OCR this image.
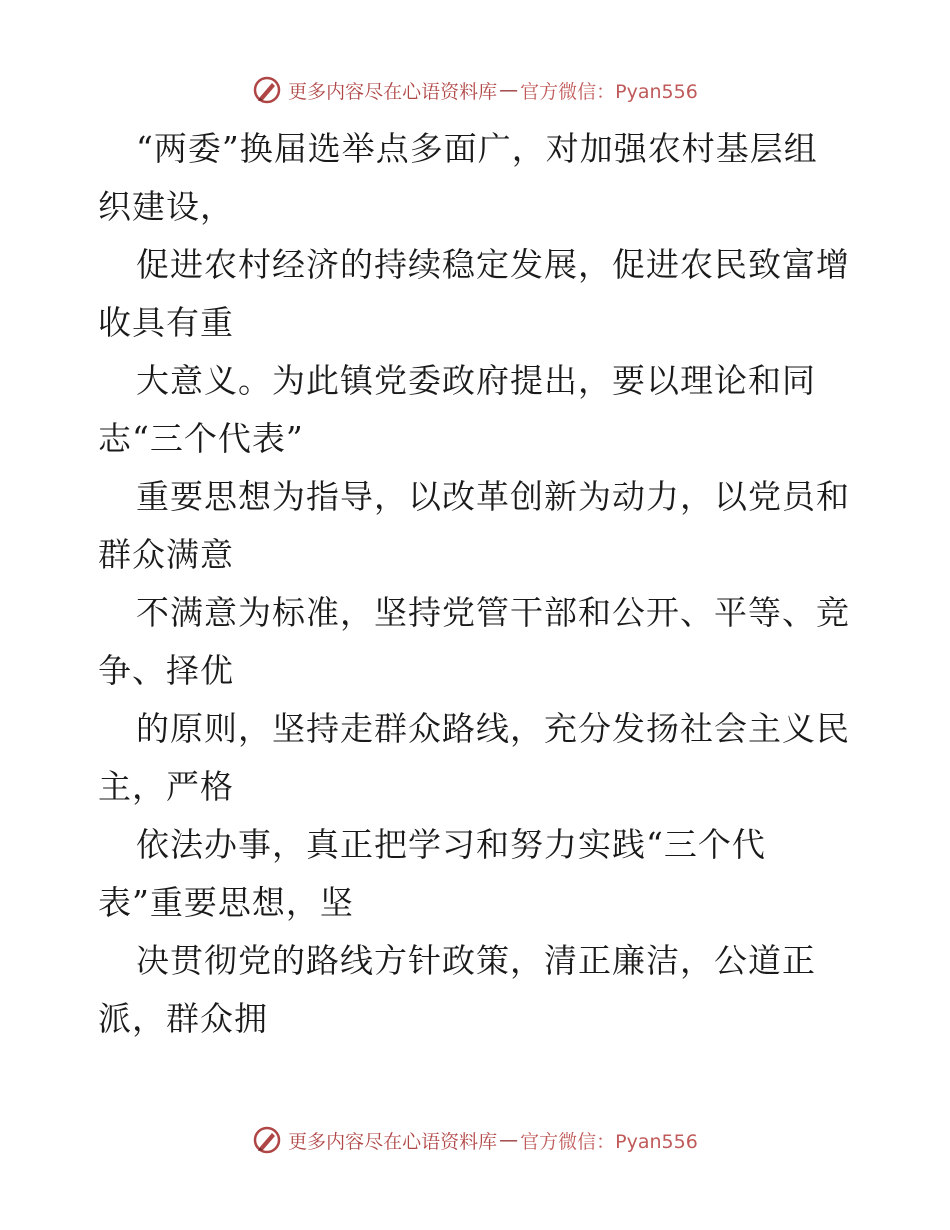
更多内容尽在心语资料库 — 官方微信：Pyan556
“两委”换届选举点多面广，对加强农村基层组
织建设，
促进农村经济的持续稳定发展，促进农民致富增
收具有重
大意义。为此镇党委政府提出，要以理论和同
志“三个代表”
重要思想为指导，以改革创新为动力，以党员和
群众满意
不满意为标准，坚持党管干部和公开、平等、竞
争、择优
的原则，坚持走群众路线，充分发扬社会主义民
主，严格
依法办事，真正把学习和努力实践“三个代
表”重要思想，坚
决贯彻党的路线方针政策，清正廉洁，公道正
派，群众拥
更多内容尽在心语资料库 — 官方微信：Pyan556
